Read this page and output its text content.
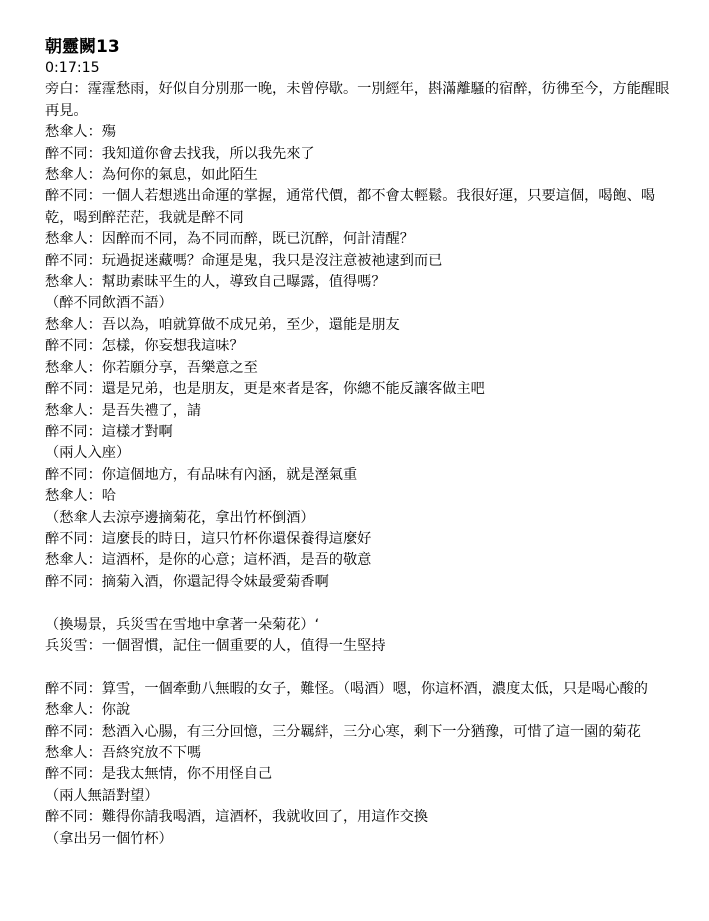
朝靈闕13
0:17:15
旁白：霪霪愁雨，好似自分別那一晚，未曾停歇。一別經年，斟滿離騷的宿醉，彷彿至今，方能醒眼再見。
愁傘人：殤
醉不同：我知道你會去找我，所以我先來了
愁傘人：為何你的氣息，如此陌生
醉不同：一個人若想逃出命運的掌握，通常代價，都不會太輕鬆。我很好運，只要這個，喝飽、喝乾，喝到醉茫茫，我就是醉不同
愁傘人：因醉而不同，為不同而醉，既已沉醉，何計清醒？
醉不同：玩過捉迷藏嗎？命運是鬼，我只是沒注意被祂逮到而已
愁傘人：幫助素昧平生的人，導致自己曝露，值得嗎？
（醉不同飲酒不語）
愁傘人：吾以為，咱就算做不成兄弟，至少，還能是朋友
醉不同：怎樣，你妄想我這味？
愁傘人：你若願分享，吾樂意之至
醉不同：還是兄弟，也是朋友，更是來者是客，你總不能反讓客做主吧
愁傘人：是吾失禮了，請
醉不同：這樣才對啊
（兩人入座）
醉不同：你這個地方，有品味有內涵，就是溼氣重
愁傘人：哈
（愁傘人去涼亭邊摘菊花，拿出竹杯倒酒）
醉不同：這麼長的時日，這只竹杯你還保養得這麼好
愁傘人：這酒杯，是你的心意；這杯酒，是吾的敬意
醉不同：摘菊入酒，你還記得令妹最愛菊香啊
（換場景，兵災雪在雪地中拿著一朵菊花）‘
兵災雪：一個習慣，記住一個重要的人，值得一生堅持
醉不同：算雪，一個牽動八無暇的女子，難怪。（喝酒）嗯，你這杯酒，濃度太低，只是喝心酸的
愁傘人：你說
醉不同：愁酒入心腸，有三分回憶，三分羈絆，三分心寒，剩下一分猶豫，可惜了這一園的菊花
愁傘人：吾終究放不下嗎
醉不同：是我太無情，你不用怪自己
（兩人無語對望）
醉不同：難得你請我喝酒，這酒杯，我就收回了，用這作交換
（拿出另一個竹杯）
